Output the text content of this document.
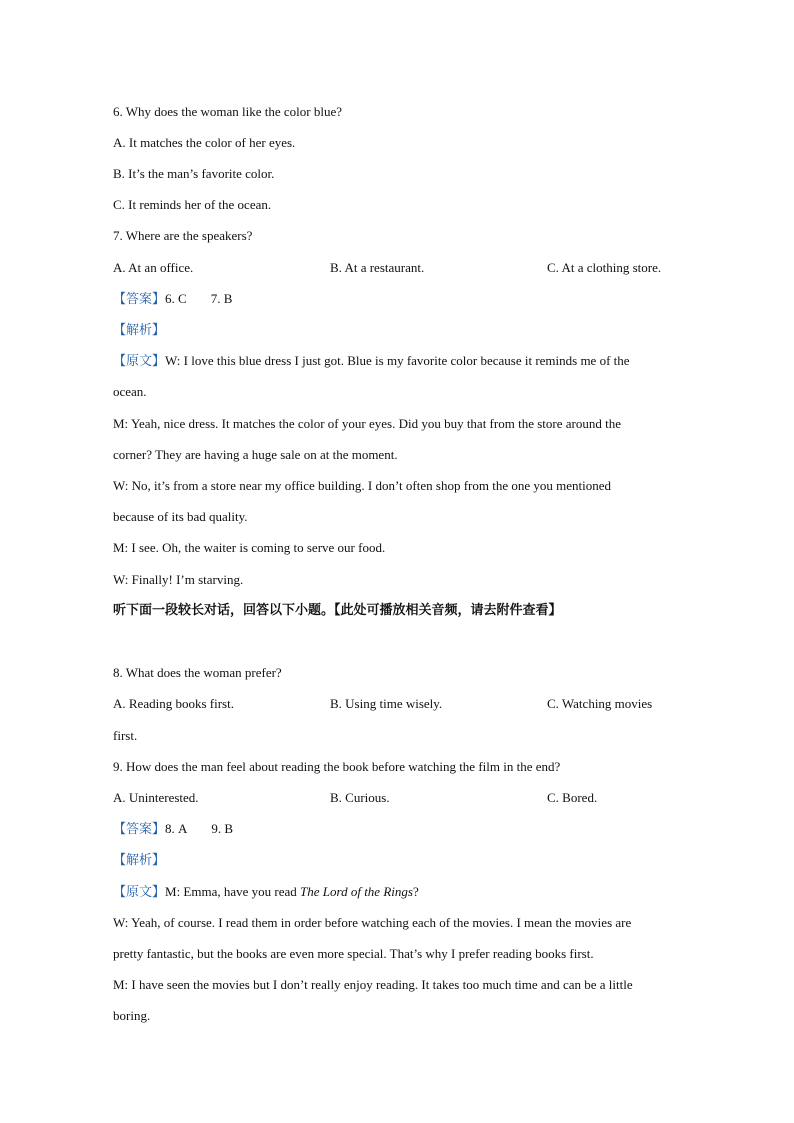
6. Why does the woman like the color blue?
A. It matches the color of her eyes.
B. It’s the man’s favorite color.
C. It reminds her of the ocean.
7. Where are the speakers?
A. At an office.	B. At a restaurant.	C. At a clothing store.
【答案】6. C 7. B
【解析】
【原文】W: I love this blue dress I just got. Blue is my favorite color because it reminds me of the
ocean.
M: Yeah, nice dress. It matches the color of your eyes. Did you buy that from the store around the
corner? They are having a huge sale on at the moment.
W: No, it’s from a store near my office building. I don’t often shop from the one you mentioned
because of its bad quality.
M: I see. Oh, the waiter is coming to serve our food.
W: Finally! I’m starving.
听下面一段较长对话，回答以下小题。【此处可播放相关音频，请去附件查看】
8. What does the woman prefer?
A. Reading books first.	B. Using time wisely.	C. Watching movies
first.
9. How does the man feel about reading the book before watching the film in the end?
A. Uninterested.	B. Curious.	C. Bored.
【答案】8. A 9. B
【解析】
【原文】M: Emma, have you read The Lord of the Rings?
W: Yeah, of course. I read them in order before watching each of the movies. I mean the movies are
pretty fantastic, but the books are even more special. That’s why I prefer reading books first.
M: I have seen the movies but I don’t really enjoy reading. It takes too much time and can be a little
boring.
